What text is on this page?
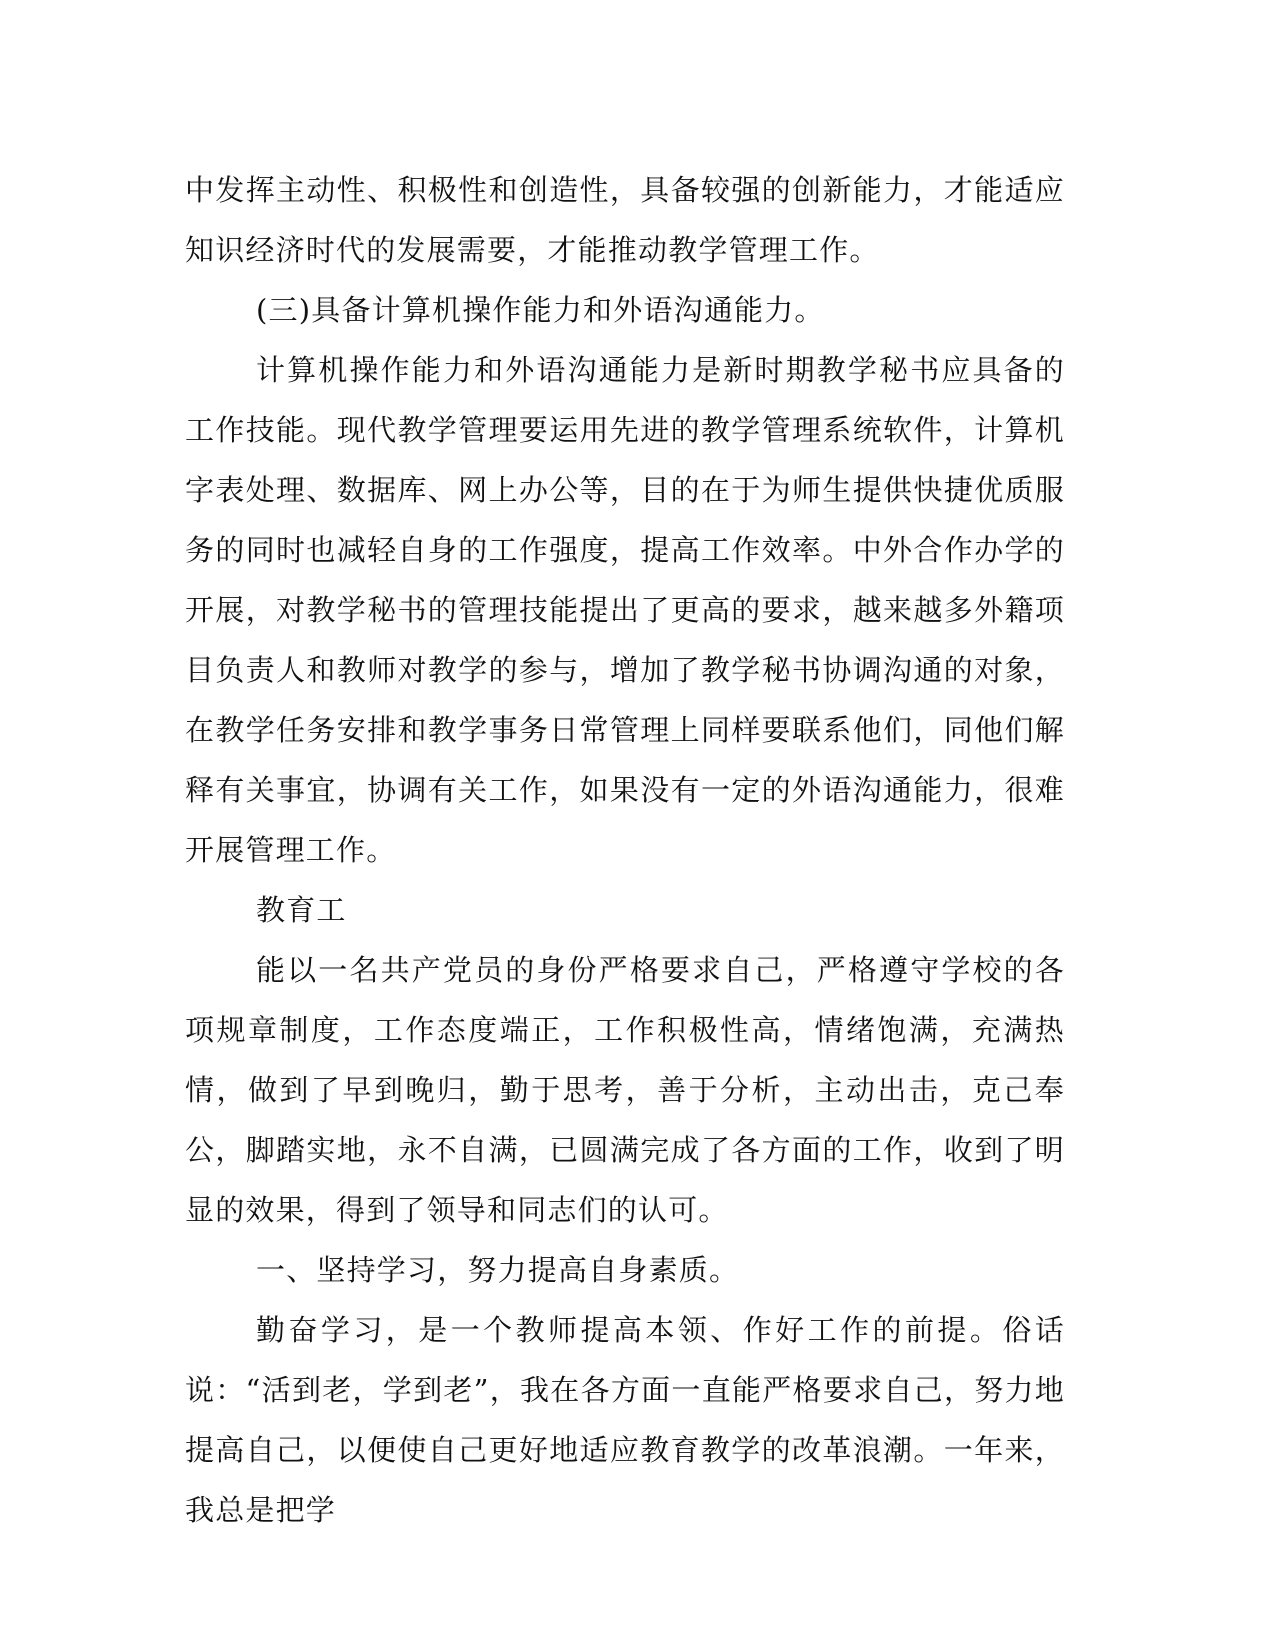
中发挥主动性、积极性和创造性，具备较强的创新能力，才能适应知识经济时代的发展需要，才能推动教学管理工作。

(三)具备计算机操作能力和外语沟通能力。

计算机操作能力和外语沟通能力是新时期教学秘书应具备的工作技能。现代教学管理要运用先进的教学管理系统软件，计算机字表处理、数据库、网上办公等，目的在于为师生提供快捷优质服务的同时也减轻自身的工作强度，提高工作效率。中外合作办学的开展，对教学秘书的管理技能提出了更高的要求，越来越多外籍项目负责人和教师对教学的参与，增加了教学秘书协调沟通的对象，在教学任务安排和教学事务日常管理上同样要联系他们，同他们解释有关事宜，协调有关工作，如果没有一定的外语沟通能力，很难开展管理工作。

教育工

能以一名共产党员的身份严格要求自己，严格遵守学校的各项规章制度，工作态度端正，工作积极性高，情绪饱满，充满热情，做到了早到晚归，勤于思考，善于分析，主动出击，克己奉公，脚踏实地，永不自满，已圆满完成了各方面的工作，收到了明显的效果，得到了领导和同志们的认可。

一、坚持学习，努力提高自身素质。

勤奋学习，是一个教师提高本领、作好工作的前提。俗话说：“活到老，学到老”，我在各方面一直能严格要求自己，努力地提高自己，以便使自己更好地适应教育教学的改革浪潮。一年来，我总是把学
